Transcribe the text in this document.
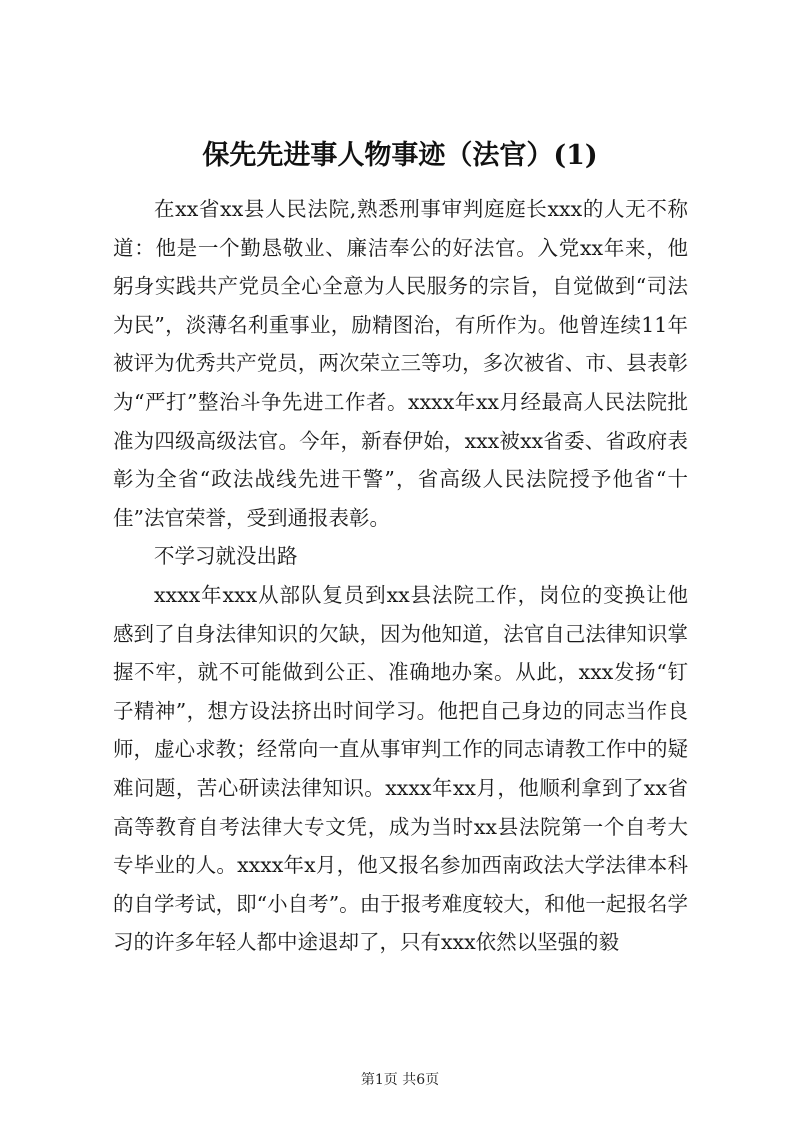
保先先进事人物事迹（法官）(1)

在xx省xx县人民法院,熟悉刑事审判庭庭长xxx的人无不称道：他是一个勤恳敬业、廉洁奉公的好法官。入党xx年来，他躬身实践共产党员全心全意为人民服务的宗旨，自觉做到“司法为民”，淡薄名利重事业，励精图治，有所作为。他曾连续11年被评为优秀共产党员，两次荣立三等功，多次被省、市、县表彰为“严打”整治斗争先进工作者。xxxx年xx月经最高人民法院批准为四级高级法官。今年，新春伊始，xxx被xx省委、省政府表彰为全省“政法战线先进干警”，省高级人民法院授予他省“十佳”法官荣誉，受到通报表彰。

不学习就没出路

xxxx年xxx从部队复员到xx县法院工作，岗位的变换让他感到了自身法律知识的欠缺，因为他知道，法官自己法律知识掌握不牢，就不可能做到公正、准确地办案。从此，xxx发扬“钉子精神”，想方设法挤出时间学习。他把自己身边的同志当作良师，虚心求教；经常向一直从事审判工作的同志请教工作中的疑难问题，苦心研读法律知识。xxxx年xx月，他顺利拿到了xx省高等教育自考法律大专文凭，成为当时xx县法院第一个自考大专毕业的人。xxxx年x月，他又报名参加西南政法大学法律本科的自学考试，即“小自考”。由于报考难度较大，和他一起报名学习的许多年轻人都中途退却了，只有xxx依然以坚强的毅

第1页 共6页
